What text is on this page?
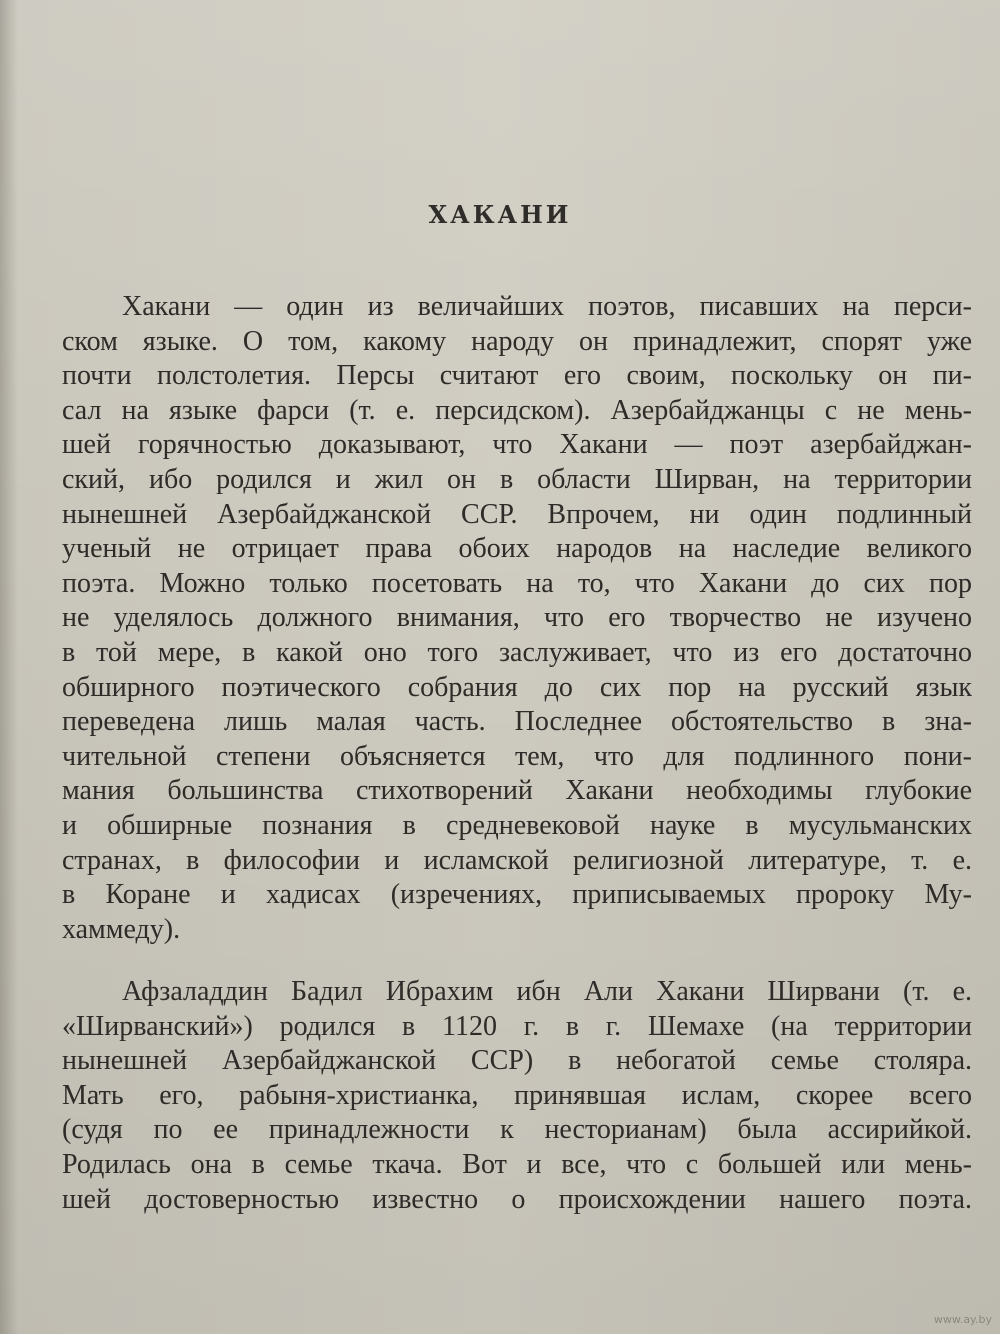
ХАКАНИ
Хакани — один из величайших поэтов, писавших на перси-
ском языке. О том, какому народу он принадлежит, спорят уже
почти полстолетия. Персы считают его своим, поскольку он пи-
сал на языке фарси (т. е. персидском). Азербайджанцы с не мень-
шей горячностью доказывают, что Хакани — поэт азербайджан-
ский, ибо родился и жил он в области Ширван, на территории
нынешней Азербайджанской ССР. Впрочем, ни один подлинный
ученый не отрицает права обоих народов на наследие великого
поэта. Можно только посетовать на то, что Хакани до сих пор
не уделялось должного внимания, что его творчество не изучено
в той мере, в какой оно того заслуживает, что из его достаточно
обширного поэтического собрания до сих пор на русский язык
переведена лишь малая часть. Последнее обстоятельство в зна-
чительной степени объясняется тем, что для подлинного пони-
мания большинства стихотворений Хакани необходимы глубокие
и обширные познания в средневековой науке в мусульманских
странах, в философии и исламской религиозной литературе, т. е.
в Коране и хадисах (изречениях, приписываемых пророку Му-
хаммеду).
Афзаладдин Бадил Ибрахим ибн Али Хакани Ширвани (т. е.
«Ширванский») родился в 1120 г. в г. Шемахе (на территории
нынешней Азербайджанской ССР) в небогатой семье столяра.
Мать его, рабыня-христианка, принявшая ислам, скорее всего
(судя по ее принадлежности к несторианам) была ассирийкой.
Родилась она в семье ткача. Вот и все, что с большей или мень-
шей достоверностью известно о происхождении нашего поэта.
www.ay.by
